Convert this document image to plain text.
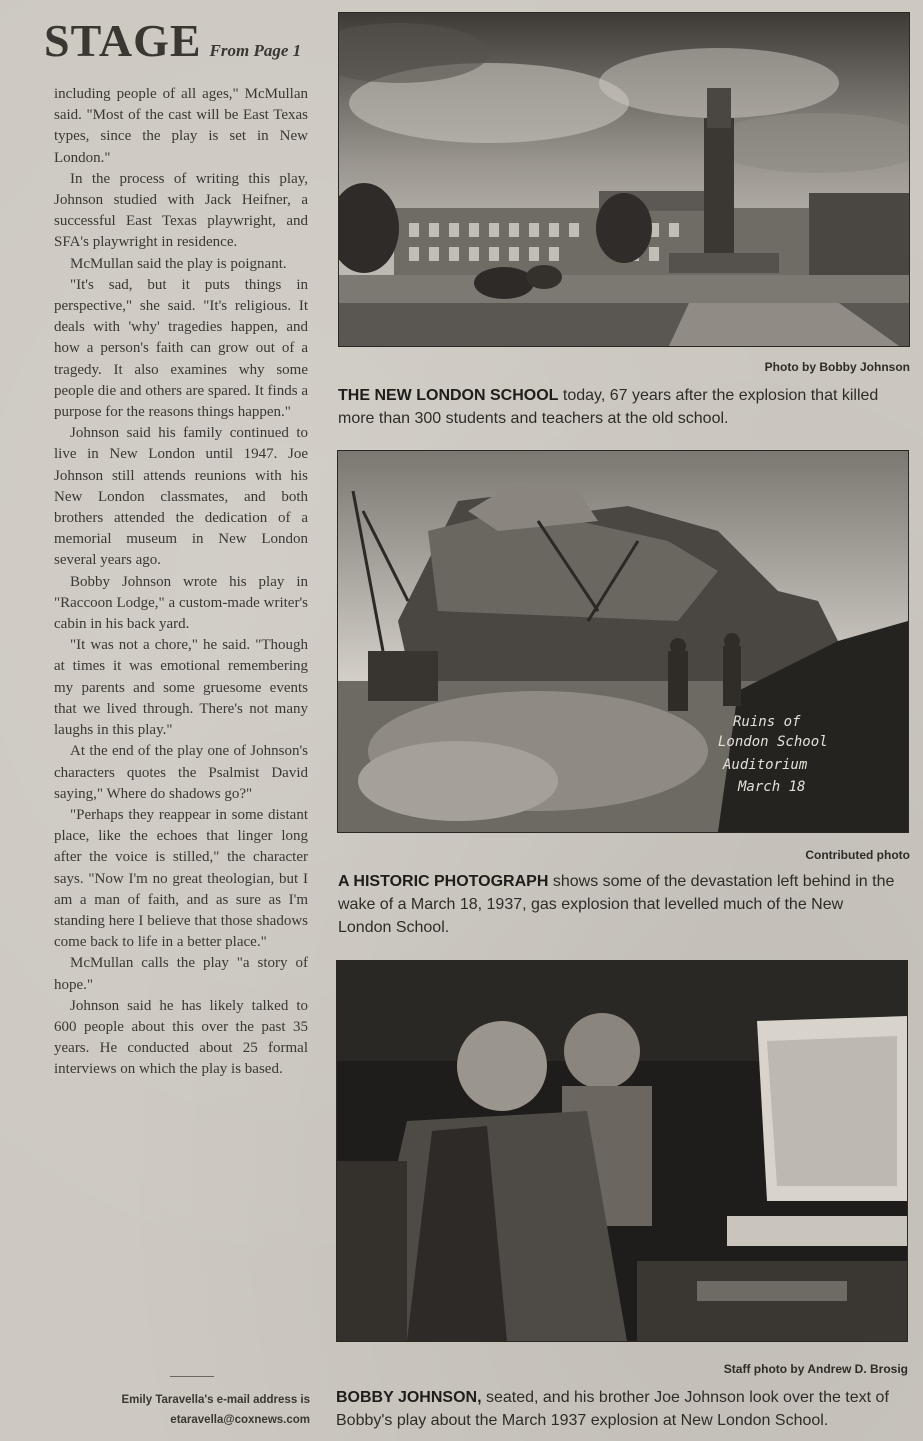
STAGE From Page 1

including people of all ages," McMullan said. "Most of the cast will be East Texas types, since the play is set in New London."

In the process of writing this play, Johnson studied with Jack Heifner, a successful East Texas playwright, and SFA's playwright in residence.

McMullan said the play is poignant.

"It's sad, but it puts things in perspective," she said. "It's religious. It deals with 'why' tragedies happen, and how a person's faith can grow out of a tragedy. It also examines why some people die and others are spared. It finds a purpose for the reasons things happen."

Johnson said his family continued to live in New London until 1947. Joe Johnson still attends reunions with his New London classmates, and both brothers attended the dedication of a memorial museum in New London several years ago.

Bobby Johnson wrote his play in "Raccoon Lodge," a custom-made writer's cabin in his back yard.

"It was not a chore," he said. "Though at times it was emotional remembering my parents and some gruesome events that we lived through. There's not many laughs in this play."

At the end of the play one of Johnson's characters quotes the Psalmist David saying," Where do shadows go?"

"Perhaps they reappear in some distant place, like the echoes that linger long after the voice is stilled," the character says. "Now I'm no great theologian, but I am a man of faith, and as sure as I'm standing here I believe that those shadows come back to life in a better place."

McMullan calls the play "a story of hope."

Johnson said he has likely talked to 600 people about this over the past 35 years. He conducted about 25 formal interviews on which the play is based.

Emily Taravella's e-mail address is
etaravella@coxnews.com
Photo by Bobby Johnson
THE NEW LONDON SCHOOL today, 67 years after the explosion that killed more than 300 students and teachers at the old school.
Ruins of
London School
Auditorium
March 18
Contributed photo
A HISTORIC PHOTOGRAPH shows some of the devastation left behind in the wake of a March 18, 1937, gas explosion that levelled much of the New London School.
Staff photo by Andrew D. Brosig
BOBBY JOHNSON, seated, and his brother Joe Johnson look over the text of Bobby's play about the March 1937 explosion at New London School.
